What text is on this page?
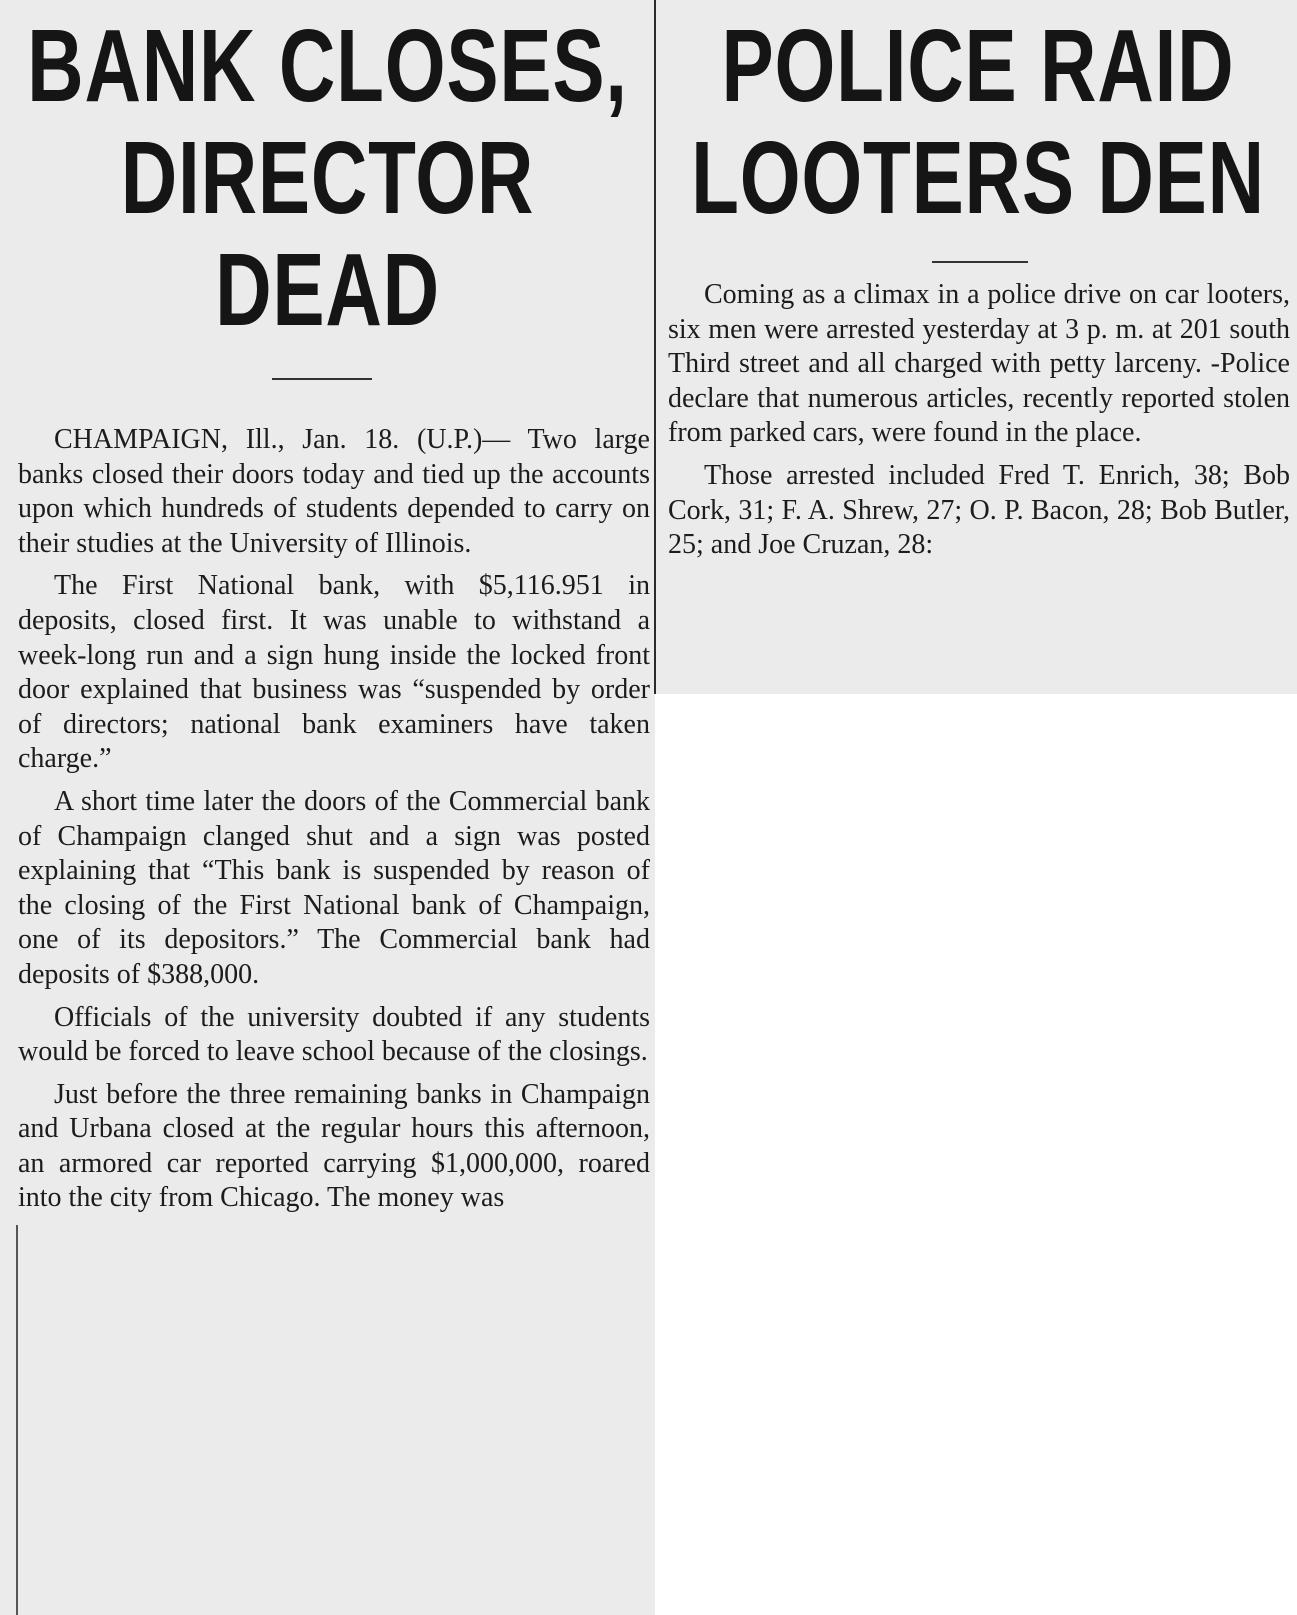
BANK CLOSES,
DIRECTOR
DEAD
POLICE RAID
LOOTERS DEN

CHAMPAIGN, Ill., Jan. 18. (U.P.)— Two large banks closed their doors today and tied up the accounts upon which hundreds of students depended to carry on their studies at the University of Illinois.

The First National bank, with $5,116.951 in deposits, closed first. It was unable to withstand a week-long run and a sign hung inside the locked front door explained that business was “suspended by order of directors; national bank examiners have taken charge.”

A short time later the doors of the Commercial bank of Champaign clanged shut and a sign was posted explaining that “This bank is suspended by reason of the closing of the First National bank of Champaign, one of its depositors.” The Commercial bank had deposits of $388,000.

Officials of the university doubted if any students would be forced to leave school because of the closings.

Just before the three remaining banks in Champaign and Urbana closed at the regular hours this afternoon, an armored car reported carrying $1,000,000, roared into the city from Chicago. The money was

Coming as a climax in a police drive on car looters, six men were arrested yesterday at 3 p. m. at 201 south Third street and all charged with petty larceny. -Police declare that numerous articles, recently reported stolen from parked cars, were found in the place.

Those arrested included Fred T. Enrich, 38; Bob Cork, 31; F. A. Shrew, 27; O. P. Bacon, 28; Bob Butler, 25; and Joe Cruzan, 28:
